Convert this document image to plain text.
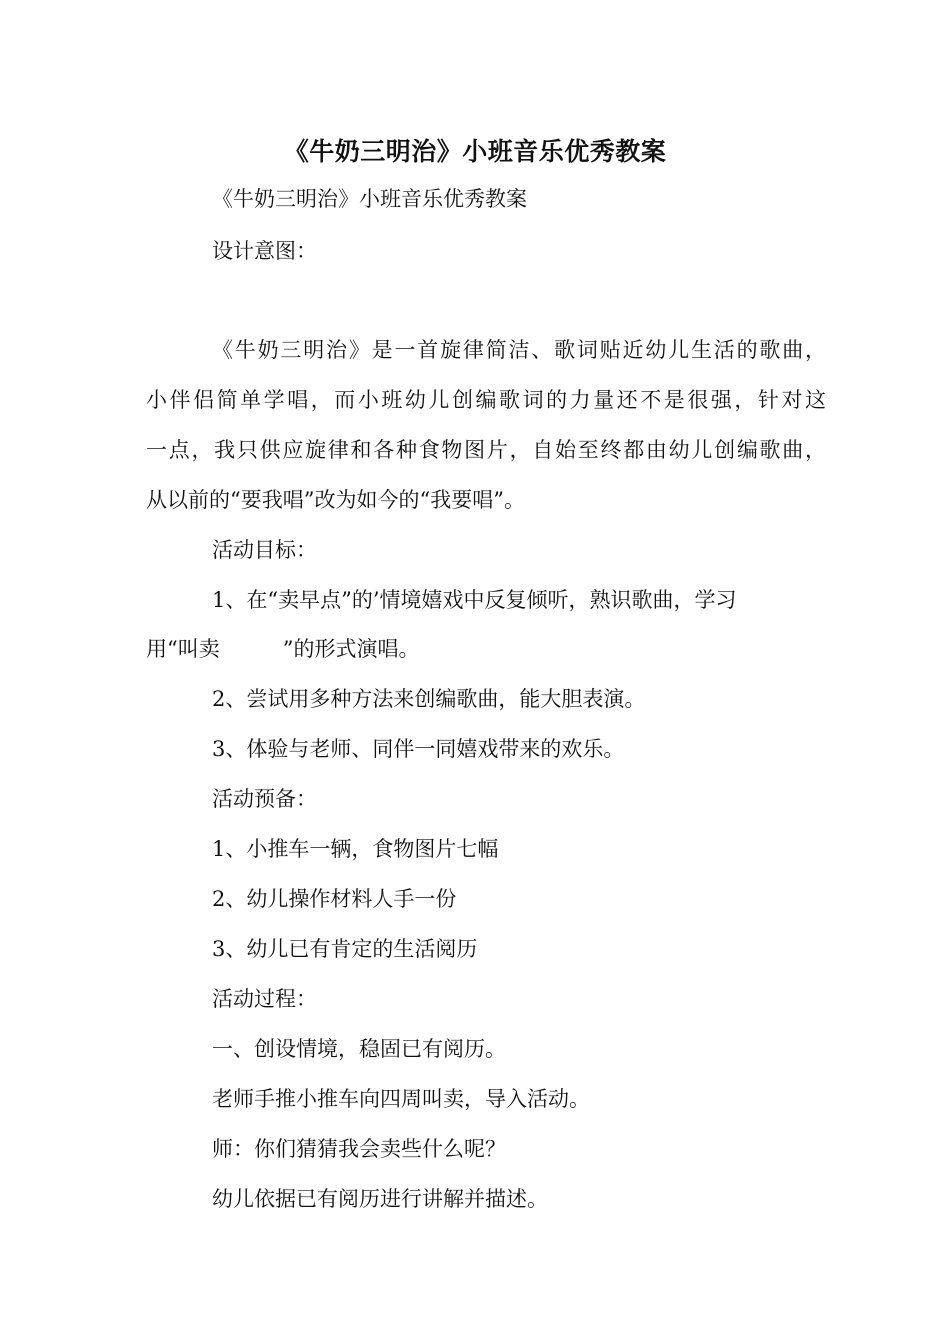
《牛奶三明治》小班音乐优秀教案
《牛奶三明治》小班音乐优秀教案
设计意图：
《牛奶三明治》是一首旋律简洁、歌词贴近幼儿生活的歌曲，
小伴侣简单学唱，而小班幼儿创编歌词的力量还不是很强，针对这
一点，我只供应旋律和各种食物图片，自始至终都由幼儿创编歌曲，
从以前的“要我唱”改为如今的“我要唱”。
活动目标：
1、在“卖早点”的’情境嬉戏中反复倾听，熟识歌曲，学习
用“叫卖　　　”的形式演唱。
2、尝试用多种方法来创编歌曲，能大胆表演。
3、体验与老师、同伴一同嬉戏带来的欢乐。
活动预备：
1、小推车一辆，食物图片七幅
2、幼儿操作材料人手一份
3、幼儿已有肯定的生活阅历
活动过程：
一、创设情境，稳固已有阅历。
老师手推小推车向四周叫卖，导入活动。
师：你们猜猜我会卖些什么呢？
幼儿依据已有阅历进行讲解并描述。
